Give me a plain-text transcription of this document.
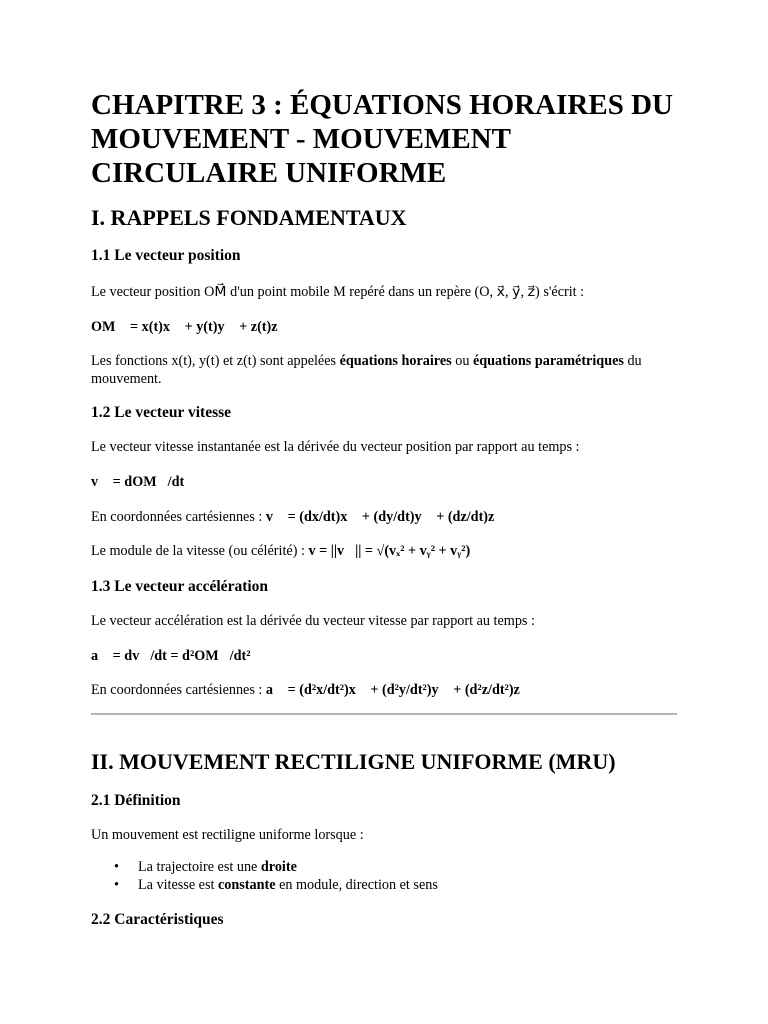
CHAPITRE 3 : ÉQUATIONS HORAIRES DU MOUVEMENT - MOUVEMENT CIRCULAIRE UNIFORME
I. RAPPELS FONDAMENTAUX
1.1 Le vecteur position

Le vecteur position OM⃗ d'un point mobile M repéré dans un repère (O, x⃗, y⃗, z⃗) s'écrit :

OM⃗ = x(t)x⃗ + y(t)y⃗ + z(t)z⃗

Les fonctions x(t), y(t) et z(t) sont appelées équations horaires ou équations paramétriques du mouvement.

1.2 Le vecteur vitesse

Le vecteur vitesse instantanée est la dérivée du vecteur position par rapport au temps :

v⃗ = dOM⃗/dt

En coordonnées cartésiennes : v⃗ = (dx/dt)x⃗ + (dy/dt)y⃗ + (dz/dt)z⃗

Le module de la vitesse (ou célérité) : v = ||v⃗|| = √(vₓ² + vᵧ² + vᵧ²)

1.3 Le vecteur accélération

Le vecteur accélération est la dérivée du vecteur vitesse par rapport au temps :

a⃗ = dv⃗/dt = d²OM⃗/dt²

En coordonnées cartésiennes : a⃗ = (d²x/dt²)x⃗ + (d²y/dt²)y⃗ + (d²z/dt²)z⃗

II. MOUVEMENT RECTILIGNE UNIFORME (MRU)
2.1 Définition

Un mouvement est rectiligne uniforme lorsque :

• La trajectoire est une droite
• La vitesse est constante en module, direction et sens
2.2 Caractéristiques
